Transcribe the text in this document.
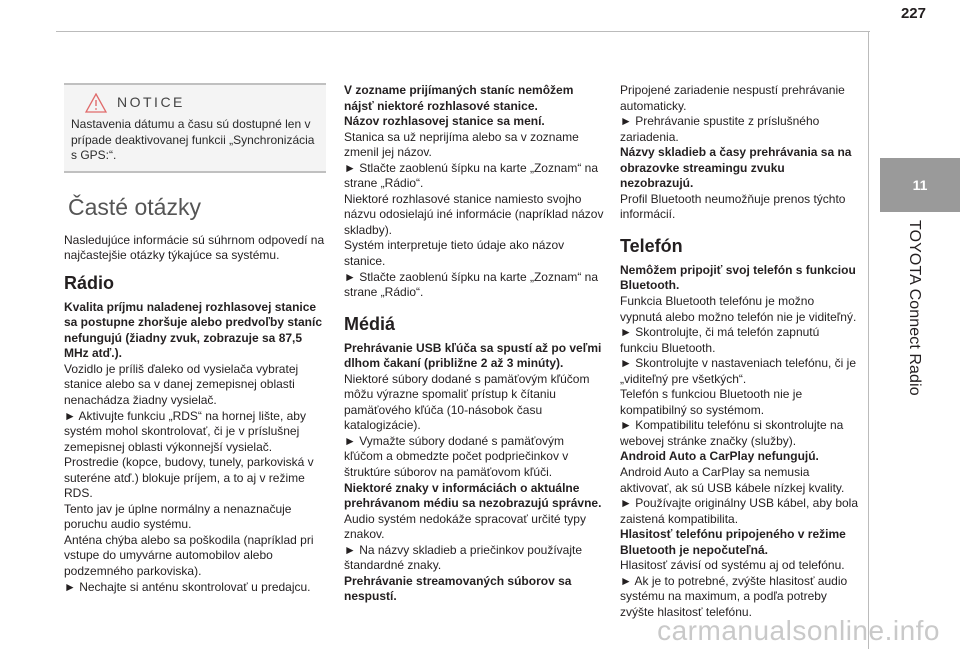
227
11
TOYOTA Connect Radio
NOTICE

Nastavenia dátumu a času sú dostupné len v prípade deaktivovanej funkcii „Synchronizácia s GPS:“.

Časté otázky

Nasledujúce informácie sú súhrnom odpovedí na najčastejšie otázky týkajúce sa systému.

Rádio

Kvalita príjmu naladenej rozhlasovej stanice sa postupne zhoršuje alebo predvoľby staníc nefungujú (žiadny zvuk, zobrazuje sa 87,5 MHz atď.).

Vozidlo je príliš ďaleko od vysielača vybratej stanice alebo sa v danej zemepisnej oblasti nenachádza žiadny vysielač.

► Aktivujte funkciu „RDS“ na hornej lište, aby systém mohol skontrolovať, či je v príslušnej zemepisnej oblasti výkonnejší vysielač.

Prostredie (kopce, budovy, tunely, parkoviská v suteréne atď.) blokuje príjem, a to aj v režime RDS.

Tento jav je úplne normálny a nenaznačuje poruchu audio systému.

Anténa chýba alebo sa poškodila (napríklad pri vstupe do umyvárne automobilov alebo podzemného parkoviska).

► Nechajte si anténu skontrolovať u predajcu.

V zozname prijímaných staníc nemôžem nájsť niektoré rozhlasové stanice.

Názov rozhlasovej stanice sa mení.

Stanica sa už neprijíma alebo sa v zozname zmenil jej názov.

► Stlačte zaoblenú šípku na karte „Zoznam“ na strane „Rádio“.

Niektoré rozhlasové stanice namiesto svojho názvu odosielajú iné informácie (napríklad názov skladby).

Systém interpretuje tieto údaje ako názov stanice.

► Stlačte zaoblenú šípku na karte „Zoznam“ na strane „Rádio“.

Médiá

Prehrávanie USB kľúča sa spustí až po veľmi dlhom čakaní (približne 2 až 3 minúty).

Niektoré súbory dodané s pamäťovým kľúčom môžu výrazne spomaliť prístup k čítaniu pamäťového kľúča (10-násobok času katalogizácie).

► Vymažte súbory dodané s pamäťovým kľúčom a obmedzte počet podpriečinkov v štruktúre súborov na pamäťovom kľúči.

Niektoré znaky v informáciách o aktuálne prehrávanom médiu sa nezobrazujú správne.

Audio systém nedokáže spracovať určité typy znakov.

► Na názvy skladieb a priečinkov používajte štandardné znaky.

Prehrávanie streamovaných súborov sa nespustí.

Pripojené zariadenie nespustí prehrávanie automaticky.

► Prehrávanie spustite z príslušného zariadenia.

Názvy skladieb a časy prehrávania sa na obrazovke streamingu zvuku nezobrazujú.

Profil Bluetooth neumožňuje prenos týchto informácií.

Telefón

Nemôžem pripojiť svoj telefón s funkciou Bluetooth.

Funkcia Bluetooth telefónu je možno vypnutá alebo možno telefón nie je viditeľný.

► Skontrolujte, či má telefón zapnutú funkciu Bluetooth.

► Skontrolujte v nastaveniach telefónu, či je „viditeľný pre všetkých“.

Telefón s funkciou Bluetooth nie je kompatibilný so systémom.

► Kompatibilitu telefónu si skontrolujte na webovej stránke značky (služby).

Android Auto a CarPlay nefungujú.

Android Auto a CarPlay sa nemusia aktivovať, ak sú USB kábele nízkej kvality.

► Používajte originálny USB kábel, aby bola zaistená kompatibilita.

Hlasitosť telefónu pripojeného v režime Bluetooth je nepočuteľná.

Hlasitosť závisí od systému aj od telefónu.

► Ak je to potrebné, zvýšte hlasitosť audio systému na maximum, a podľa potreby zvýšte hlasitosť telefónu.

carmanualsonline.info
